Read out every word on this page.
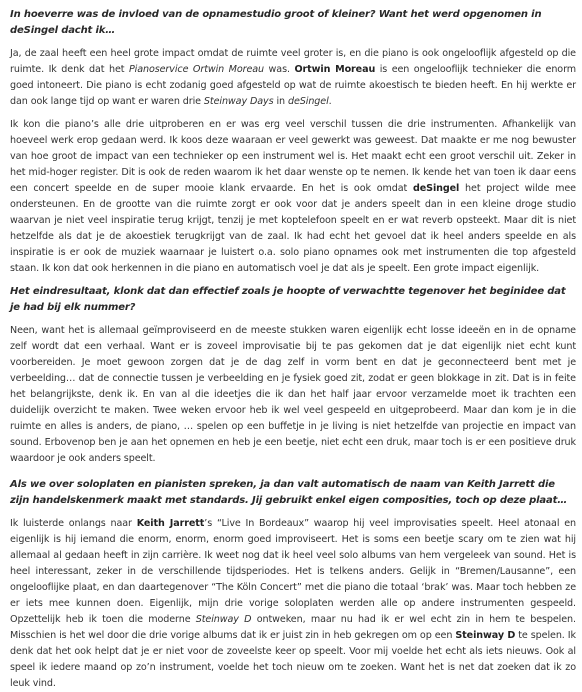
In hoeverre was de invloed van de opnamestudio groot of kleiner? Want het werd opgenomen in deSingel dacht ik…

Ja, de zaal heeft een heel grote impact omdat de ruimte veel groter is, en die piano is ook ongelooflijk afgesteld op die ruimte. Ik denk dat het Pianoservice Ortwin Moreau was. Ortwin Moreau is een ongelooflijk technieker die enorm goed intoneert. Die piano is echt zodanig goed afgesteld op wat de ruimte akoestisch te bieden heeft. En hij werkte er dan ook lange tijd op want er waren drie Steinway Days in deSingel.

Ik kon die piano’s alle drie uitproberen en er was erg veel verschil tussen die drie instrumenten. Afhankelijk van hoeveel werk erop gedaan werd. Ik koos deze waaraan er veel gewerkt was geweest. Dat maakte er me nog bewuster van hoe groot de impact van een technieker op een instrument wel is. Het maakt echt een groot verschil uit. Zeker in het mid-hoger register. Dit is ook de reden waarom ik het daar wenste op te nemen. Ik kende het van toen ik daar eens een concert speelde en de super mooie klank ervaarde. En het is ook omdat deSingel het project wilde mee ondersteunen. En de grootte van die ruimte zorgt er ook voor dat je anders speelt dan in een kleine droge studio waarvan je niet veel inspiratie terug krijgt, tenzij je met koptelefoon speelt en er wat reverb opsteekt. Maar dit is niet hetzelfde als dat je de akoestiek terugkrijgt van de zaal. Ik had echt het gevoel dat ik heel anders speelde en als inspiratie is er ook de muziek waarnaar je luistert o.a. solo piano opnames ook met instrumenten die top afgesteld staan. Ik kon dat ook herkennen in die piano en automatisch voel je dat als je speelt. Een grote impact eigenlijk.

Het eindresultaat, klonk dat dan effectief zoals je hoopte of verwachtte tegenover het beginidee dat je had bij elk nummer?

Neen, want het is allemaal geïmproviseerd en de meeste stukken waren eigenlijk echt losse ideeën en in de opname zelf wordt dat een verhaal. Want er is zoveel improvisatie bij te pas gekomen dat je dat eigenlijk niet echt kunt voorbereiden. Je moet gewoon zorgen dat je de dag zelf in vorm bent en dat je geconnecteerd bent met je verbeelding… dat de connectie tussen je verbeelding en je fysiek goed zit, zodat er geen blokkage in zit. Dat is in feite het belangrijkste, denk ik. En van al die ideetjes die ik dan het half jaar ervoor verzamelde moet ik trachten een duidelijk overzicht te maken. Twee weken ervoor heb ik wel veel gespeeld en uitgeprobeerd. Maar dan kom je in die ruimte en alles is anders, de piano, … spelen op een buffetje in je living is niet hetzelfde van projectie en impact van sound. Erbovenop ben je aan het opnemen en heb je een beetje, niet echt een druk, maar toch is er een positieve druk waardoor je ook anders speelt.

Als we over soloplaten en pianisten spreken, ja dan valt automatisch de naam van Keith Jarrett die zijn handelskenmerk maakt met standards. Jij gebruikt enkel eigen composities, toch op deze plaat…

Ik luisterde onlangs naar Keith Jarrett’s “Live In Bordeaux” waarop hij veel improvisaties speelt. Heel atonaal en eigenlijk is hij iemand die enorm, enorm, enorm goed improviseert. Het is soms een beetje scary om te zien wat hij allemaal al gedaan heeft in zijn carrière. Ik weet nog dat ik heel veel solo albums van hem vergeleek van sound. Het is heel interessant, zeker in de verschillende tijdsperiodes. Het is telkens anders. Gelijk in “Bremen/Lausanne”, een ongelooflijke plaat, en dan daartegenover “The Köln Concert” met die piano die totaal ‘brak’ was. Maar toch hebben ze er iets mee kunnen doen. Eigenlijk, mijn drie vorige soloplaten werden alle op andere instrumenten gespeeld. Opzettelijk heb ik toen die moderne Steinway D ontweken, maar nu had ik er wel echt zin in hem te bespelen. Misschien is het wel door die drie vorige albums dat ik er juist zin in heb gekregen om op een Steinway D te spelen. Ik denk dat het ook helpt dat je er niet voor de zoveelste keer op speelt. Voor mij voelde het echt als iets nieuws. Ook al speel ik iedere maand op zo’n instrument, voelde het toch nieuw om te zoeken. Want het is net dat zoeken dat ik zo leuk vind.
